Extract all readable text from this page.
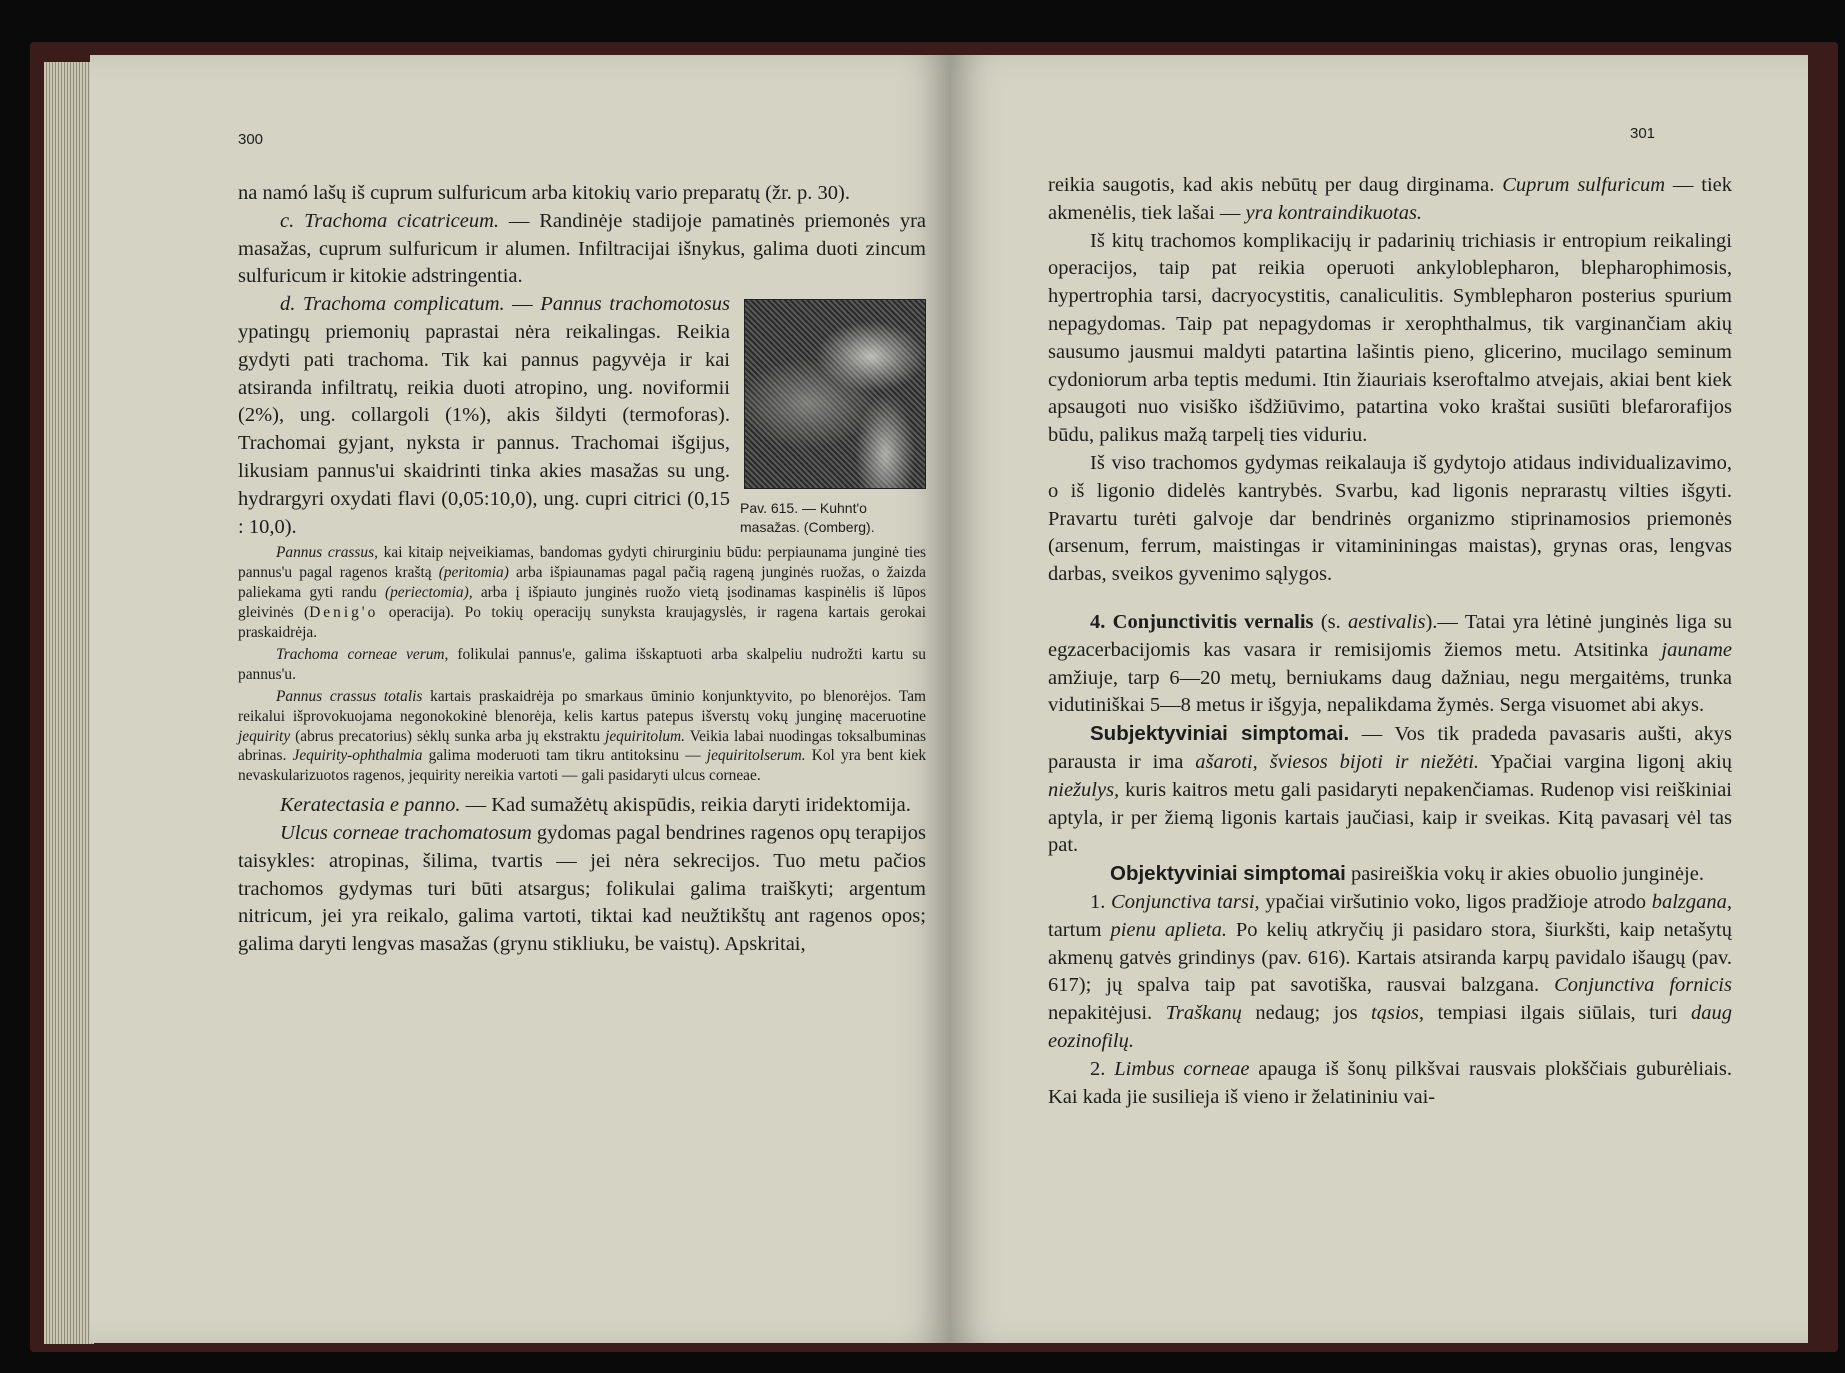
300

na namó lašų iš cuprum sulfuricum arba kitokių vario preparatų (žr. p. 30).

c. Trachoma cicatriceum. — Randinėje stadijoje pamatinės priemonės yra masažas, cuprum sulfuricum ir alumen. Infiltracijai išnykus, galima duoti zincum sulfuricum ir kitokie adstringentia.

Pav. 615. — Kuhnt'o
masažas. (Comberg).

d. Trachoma complicatum. — Pannus trachomotosus ypatingų priemonių paprastai nėra reikalingas. Reikia gydyti pati trachoma. Tik kai pannus pagyvėja ir kai atsiranda infiltratų, reikia duoti atropino, ung. noviformii (2%), ung. collargoli (1%), akis šildyti (termoforas). Trachomai gyjant, nyksta ir pannus. Trachomai išgijus, likusiam pannus'ui skaidrinti tinka akies masažas su ung. hydrargyri oxydati flavi (0,05:10,0), ung. cupri citrici (0,15 : 10,0).

Pannus crassus, kai kitaip neįveikiamas, bandomas gydyti chirurginiu būdu: perpiaunama junginė ties pannus'u pagal ragenos kraštą (peritomia) arba išpiaunamas pagal pačią rageną junginės ruožas, o žaizda paliekama gyti randu (periectomia), arba į išpiauto junginės ruožo vietą įsodinamas kaspinėlis iš lūpos gleivinės (Denig'o operacija). Po tokių operacijų sunyksta kraujagyslės, ir ragena kartais gerokai praskaidrėja.

Trachoma corneae verum, folikulai pannus'e, galima išskaptuoti arba skalpeliu nudrožti kartu su pannus'u.

Pannus crassus totalis kartais praskaidrėja po smarkaus ūminio konjunktyvito, po blenorėjos. Tam reikalui išprovokuojama negonokokinė blenorėja, kelis kartus patepus išverstų vokų junginę maceruotine jequirity (abrus precatorius) sėklų sunka arba jų ekstraktu jequiritolum. Veikia labai nuodingas toksalbuminas abrinas. Jequirity-ophthalmia galima moderuoti tam tikru antitoksinu — jequiritolserum. Kol yra bent kiek nevaskularizuotos ragenos, jequirity nereikia vartoti — gali pasidaryti ulcus corneae.

Keratectasia e panno. — Kad sumažėtų akispūdis, reikia daryti iridektomija.

Ulcus corneae trachomatosum gydomas pagal bendrines ragenos opų terapijos taisykles: atropinas, šilima, tvartis — jei nėra sekrecijos. Tuo metu pačios trachomos gydymas turi būti atsargus; folikulai galima traiškyti; argentum nitricum, jei yra reikalo, galima vartoti, tiktai kad neužtikštų ant ragenos opos; galima daryti lengvas masažas (grynu stikliuku, be vaistų). Apskritai,

301

reikia saugotis, kad akis nebūtų per daug dirginama. Cuprum sulfuricum — tiek akmenėlis, tiek lašai — yra kontraindikuotas.

Iš kitų trachomos komplikacijų ir padarinių trichiasis ir entropium reikalingi operacijos, taip pat reikia operuoti ankyloblepharon, blepharophimosis, hypertrophia tarsi, dacryocystitis, canaliculitis. Symblepharon posterius spurium nepagydomas. Taip pat nepagydomas ir xerophthalmus, tik varginančiam akių sausumo jausmui maldyti patartina lašintis pieno, glicerino, mucilago seminum cydoniorum arba teptis medumi. Itin žiauriais kseroftalmo atvejais, akiai bent kiek apsaugoti nuo visiško išdžiūvimo, patartina voko kraštai susiūti blefarorafijos būdu, palikus mažą tarpelį ties viduriu.

Iš viso trachomos gydymas reikalauja iš gydytojo atidaus individualizavimo, o iš ligonio didelės kantrybės. Svarbu, kad ligonis neprarastų vilties išgyti. Pravartu turėti galvoje dar bendrinės organizmo stiprinamosios priemonės (arsenum, ferrum, maistingas ir vitamininingas maistas), grynas oras, lengvas darbas, sveikos gyvenimo sąlygos.

4. Conjunctivitis vernalis (s. aestivalis).— Tatai yra lėtinė junginės liga su egzacerbacijomis kas vasara ir remisijomis žiemos metu. Atsitinka jauname amžiuje, tarp 6—20 metų, berniukams daug dažniau, negu mergaitėms, trunka vidutiniškai 5—8 metus ir išgyja, nepalikdama žymės. Serga visuomet abi akys.

Subjektyviniai simptomai. — Vos tik pradeda pavasaris aušti, akys parausta ir ima ašaroti, šviesos bijoti ir niežėti. Ypačiai vargina ligonį akių niežulys, kuris kaitros metu gali pasidaryti nepakenčiamas. Rudenop visi reiškiniai aptyla, ir per žiemą ligonis kartais jaučiasi, kaip ir sveikas. Kitą pavasarį vėl tas pat.

Objektyviniai simptomai pasireiškia vokų ir akies obuolio junginėje.

1. Conjunctiva tarsi, ypačiai viršutinio voko, ligos pradžioje atrodo balzgana, tartum pienu aplieta. Po kelių atkryčių ji pasidaro stora, šiurkšti, kaip netašytų akmenų gatvės grindinys (pav. 616). Kartais atsiranda karpų pavidalo išaugų (pav. 617); jų spalva taip pat savotiška, rausvai balzgana. Conjunctiva fornicis nepakitėjusi. Traškanų nedaug; jos tąsios, tempiasi ilgais siūlais, turi daug eozinofilų.

2. Limbus corneae apauga iš šonų pilkšvai rausvais plokščiais guburėliais. Kai kada jie susilieja iš vieno ir želatininiu vai-
